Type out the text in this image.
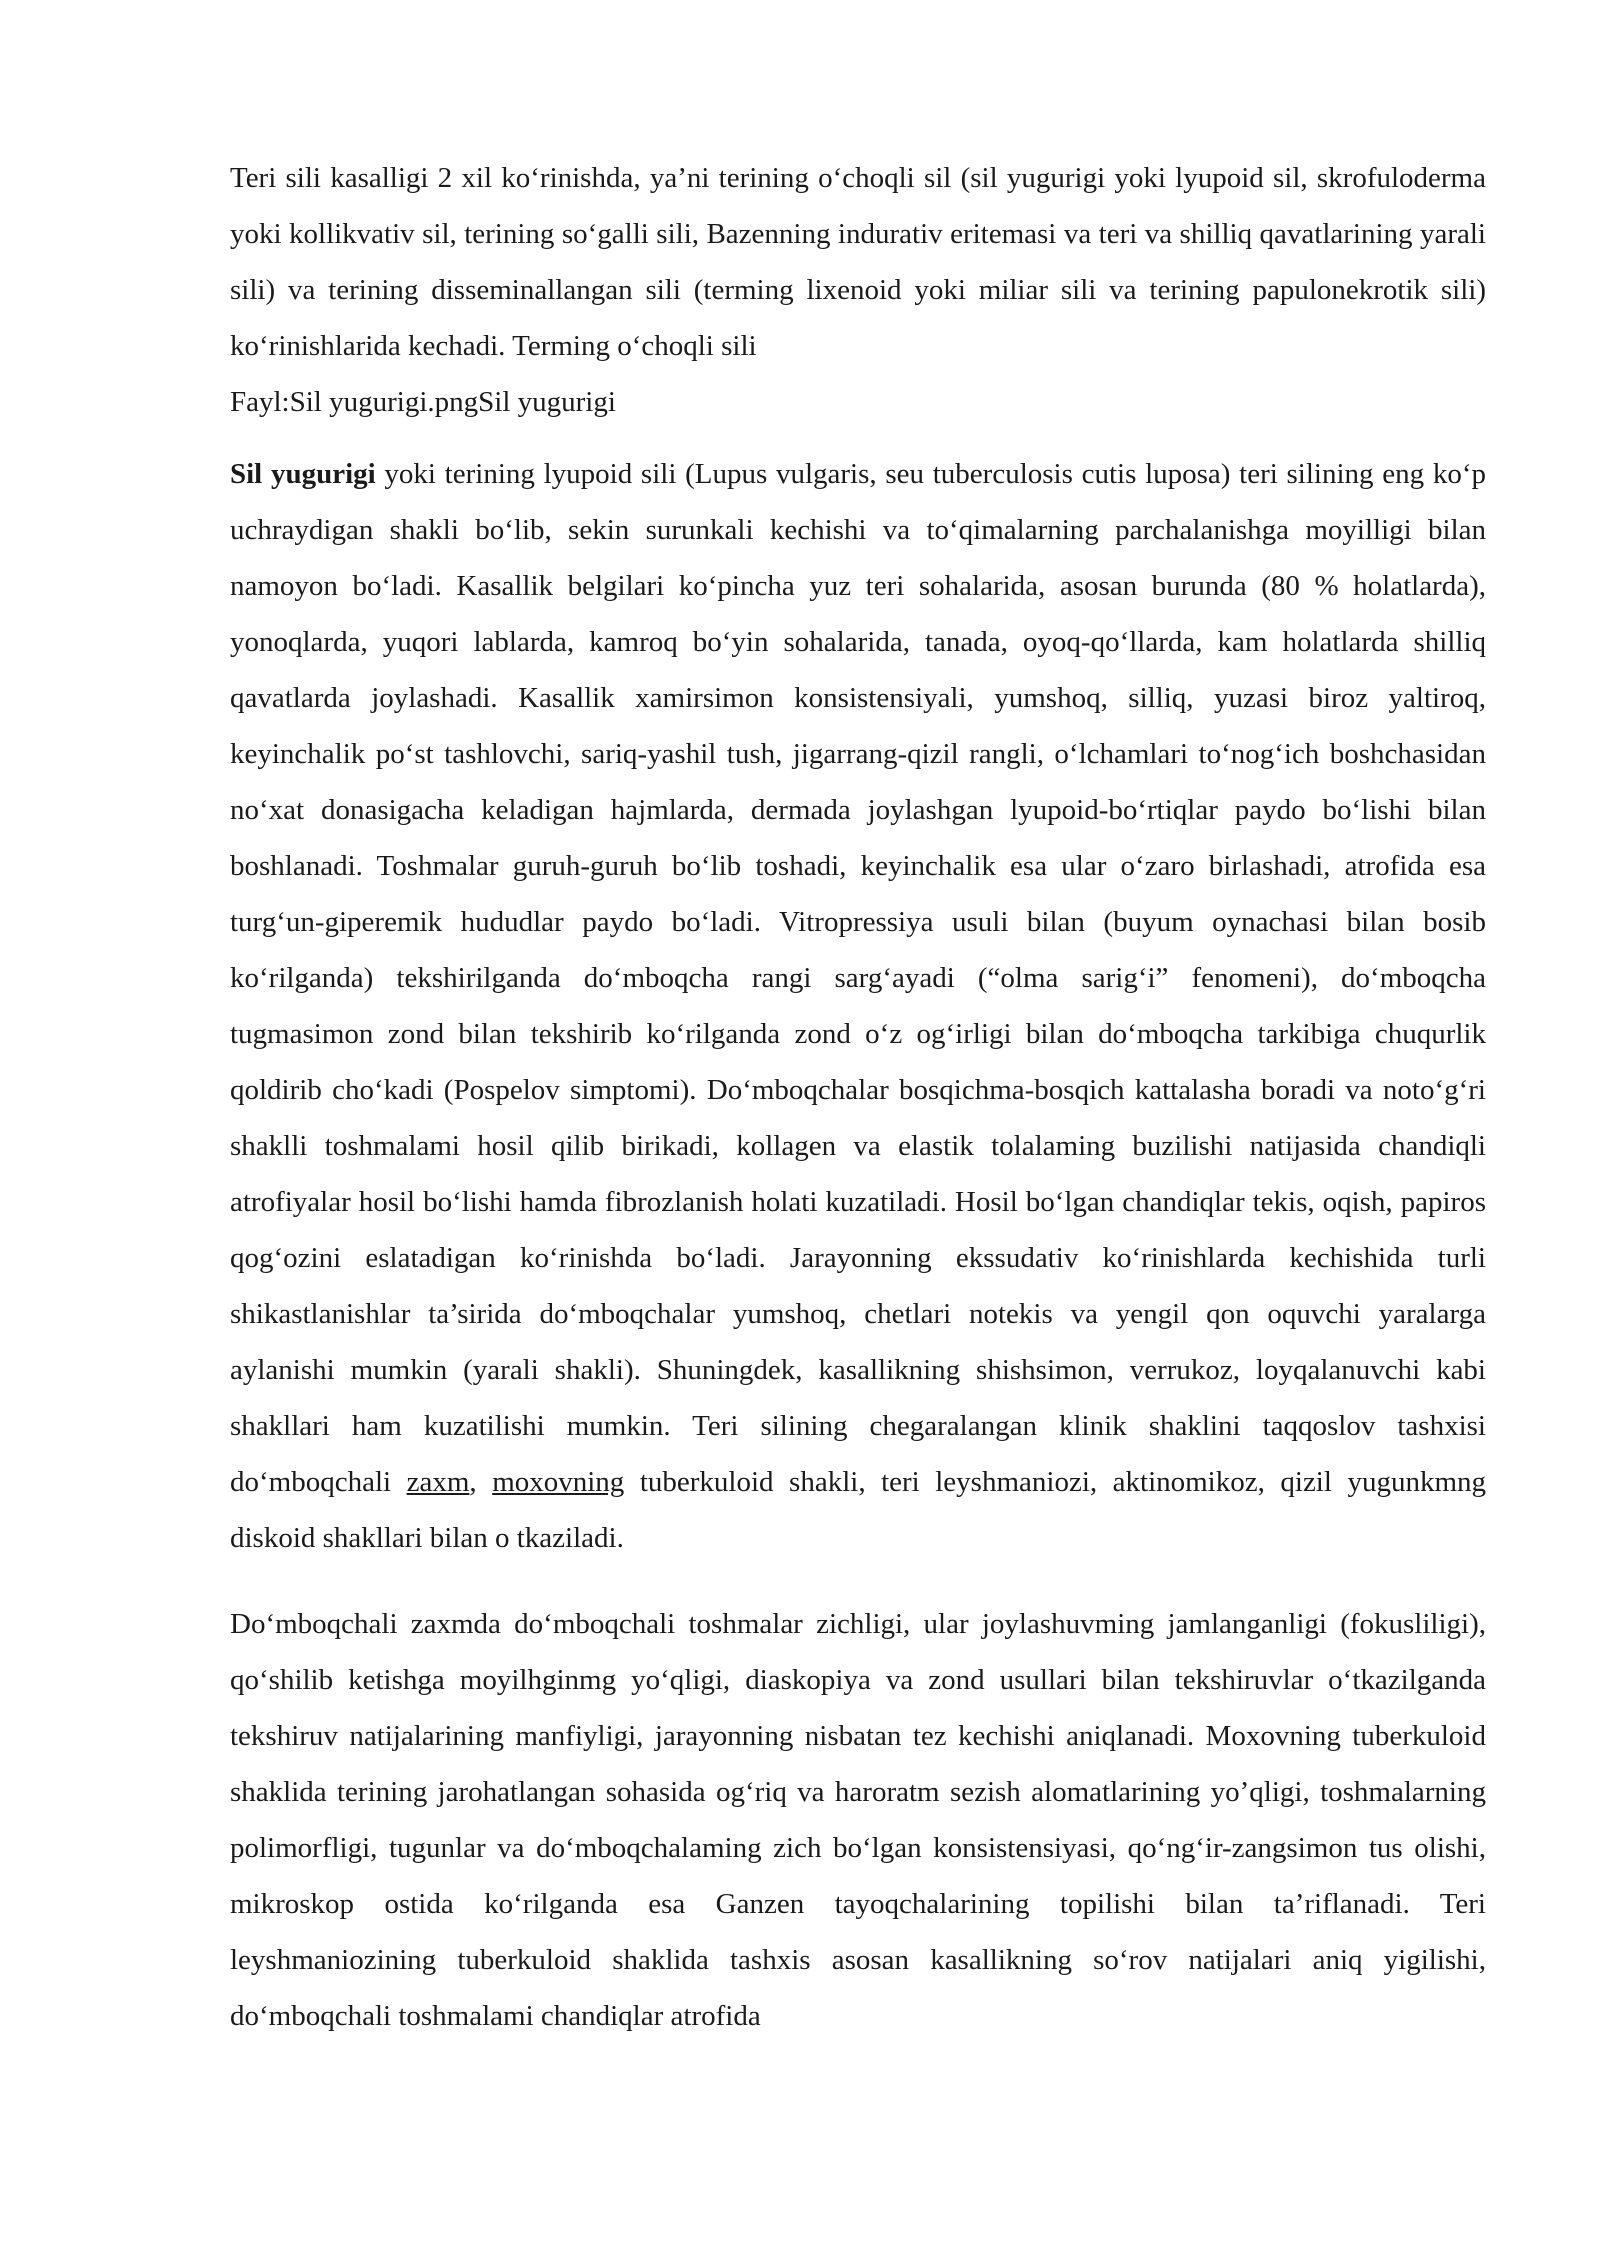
Teri sili kasalligi 2 xil ko‘rinishda, ya’ni terining o‘choqli sil (sil yugurigi yoki lyupoid sil, skrofuloderma yoki kollikvativ sil, terining so‘galli sili, Bazenning indurativ eritemasi va teri va shilliq qavatlarining yarali sili) va terining disseminallangan sili (terming lixenoid yoki miliar sili va terining papulonekrotik sili) ko‘rinishlarida kechadi. Terming o‘choqli sili

Fayl:Sil yugurigi.pngSil yugurigi

Sil yugurigi yoki terining lyupoid sili (Lupus vulgaris, seu tuberculosis cutis luposa) teri silining eng ko‘p uchraydigan shakli bo‘lib, sekin surunkali kechishi va to‘qimalarning parchalanishga moyilligi bilan namoyon bo‘ladi. Kasallik belgilari ko‘pincha yuz teri sohalarida, asosan burunda (80 % holatlarda), yonoqlarda, yuqori lablarda, kamroq bo‘yin sohalarida, tanada, oyoq-qo‘llarda, kam holatlarda shilliq qavatlarda joylashadi. Kasallik xamirsimon konsistensiyali, yumshoq, silliq, yuzasi biroz yaltiroq, keyinchalik po‘st tashlovchi, sariq-yashil tush, jigarrang-qizil rangli, o‘lchamlari to‘nog‘ich boshchasidan no‘xat donasigacha keladigan hajmlarda, dermada joylashgan lyupoid-bo‘rtiqlar paydo bo‘lishi bilan boshlanadi. Toshmalar guruh-guruh bo‘lib toshadi, keyinchalik esa ular o‘zaro birlashadi, atrofida esa turg‘un-giperemik hududlar paydo bo‘ladi. Vitropressiya usuli bilan (buyum oynachasi bilan bosib ko‘rilganda) tekshirilganda do‘mboqcha rangi sarg‘ayadi (“olma sarig‘i” fenomeni), do‘mboqcha tugmasimon zond bilan tekshirib ko‘rilganda zond o‘z og‘irligi bilan do‘mboqcha tarkibiga chuqurlik qoldirib cho‘kadi (Pospelov simptomi). Do‘mboqchalar bosqichma-bosqich kattalasha boradi va noto‘g‘ri shaklli toshmalami hosil qilib birikadi, kollagen va elastik tolalaming buzilishi natijasida chandiqli atrofiyalar hosil bo‘lishi hamda fibrozlanish holati kuzatiladi. Hosil bo‘lgan chandiqlar tekis, oqish, papiros qog‘ozini eslatadigan ko‘rinishda bo‘ladi. Jarayonning ekssudativ ko‘rinishlarda kechishida turli shikastlanishlar ta’sirida do‘mboqchalar yumshoq, chetlari notekis va yengil qon oquvchi yaralarga aylanishi mumkin (yarali shakli). Shuningdek, kasallikning shishsimon, verrukoz, loyqalanuvchi kabi shakllari ham kuzatilishi mumkin. Teri silining chegaralangan klinik shaklini taqqoslov tashxisi do‘mboqchali zaxm, moxovning tuberkuloid shakli, teri leyshmaniozi, aktinomikoz, qizil yugunkmng diskoid shakllari bilan o tkaziladi.

Do‘mboqchali zaxmda do‘mboqchali toshmalar zichligi, ular joylashuvming jamlanganligi (fokusliligi), qo‘shilib ketishga moyilhginmg yo‘qligi, diaskopiya va zond usullari bilan tekshiruvlar o‘tkazilganda tekshiruv natijalarining manfiyligi, jarayonning nisbatan tez kechishi aniqlanadi. Moxovning tuberkuloid shaklida terining jarohatlangan sohasida og‘riq va haroratm sezish alomatlarining yo’qligi, toshmalarning polimorfligi, tugunlar va do‘mboqchalaming zich bo‘lgan konsistensiyasi, qo‘ng‘ir-zangsimon tus olishi, mikroskop ostida ko‘rilganda esa Ganzen tayoqchalarining topilishi bilan ta’riflanadi. Teri leyshmaniozining tuberkuloid shaklida tashxis asosan kasallikning so‘rov natijalari aniq yigilishi, do‘mboqchali toshmalami chandiqlar atrofida
